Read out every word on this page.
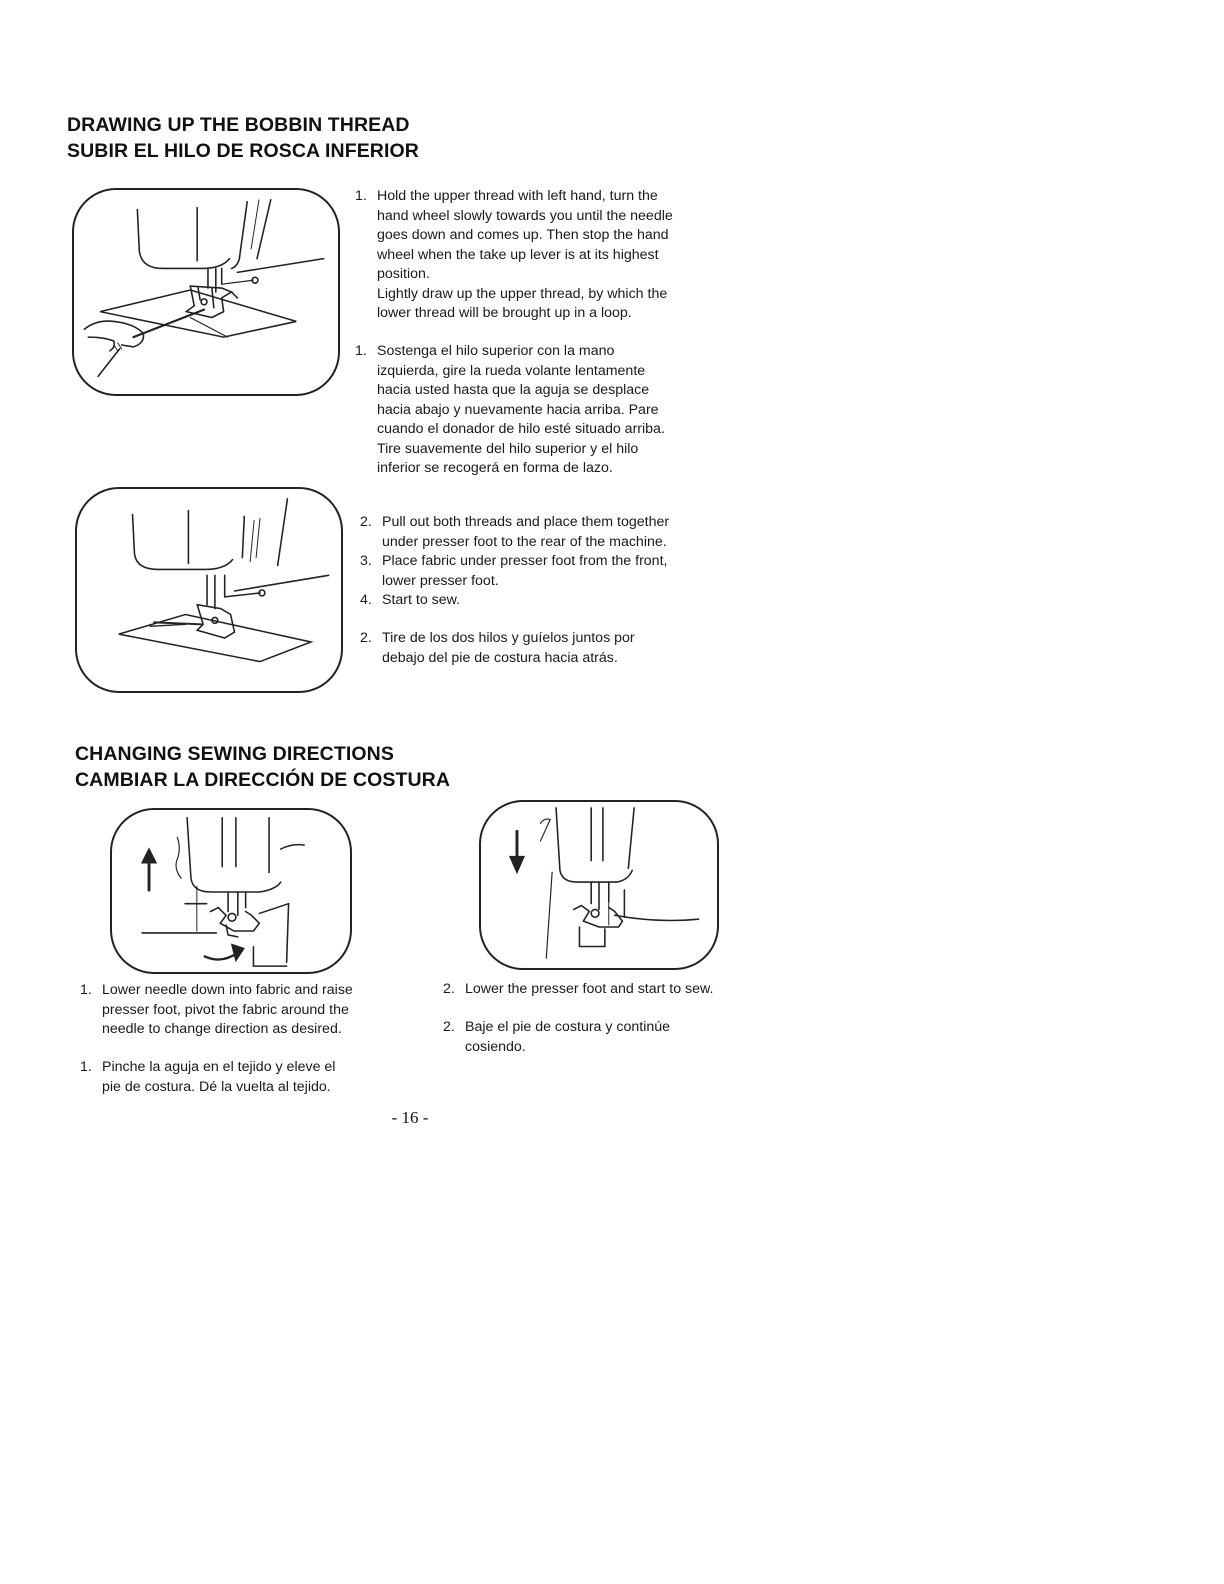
DRAWING UP THE BOBBIN THREAD
SUBIR EL HILO DE ROSCA INFERIOR
1. Hold the upper thread with left hand, turn the
hand wheel slowly towards you until the needle
goes down and comes up. Then stop the hand
wheel when the take up lever is at its highest
position.
Lightly draw up the upper thread, by which the
lower thread will be brought up in a loop.
1. Sostenga el hilo superior con la mano
izquierda, gire la rueda volante lentamente
hacia usted hasta que la aguja se desplace
hacia abajo y nuevamente hacia arriba. Pare
cuando el donador de hilo esté situado arriba.
Tire suavemente del hilo superior y el hilo
inferior se recogerá en forma de lazo.
2. Pull out both threads and place them together
under presser foot to the rear of the machine.
3. Place fabric under presser foot from the front,
lower presser foot.
4. Start to sew.
2. Tire de los dos hilos y guíelos juntos por
debajo del pie de costura hacia atrás.
CHANGING SEWING DIRECTIONS
CAMBIAR LA DIRECCIÓN DE COSTURA
1. Lower needle down into fabric and raise
presser foot, pivot the fabric around the
needle to change direction as desired.
1. Pinche la aguja en el tejido y eleve el
pie de costura. Dé la vuelta al tejido.
2. Lower the presser foot and start to sew.
2. Baje el pie de costura y continúe
cosiendo.
- 16 -
